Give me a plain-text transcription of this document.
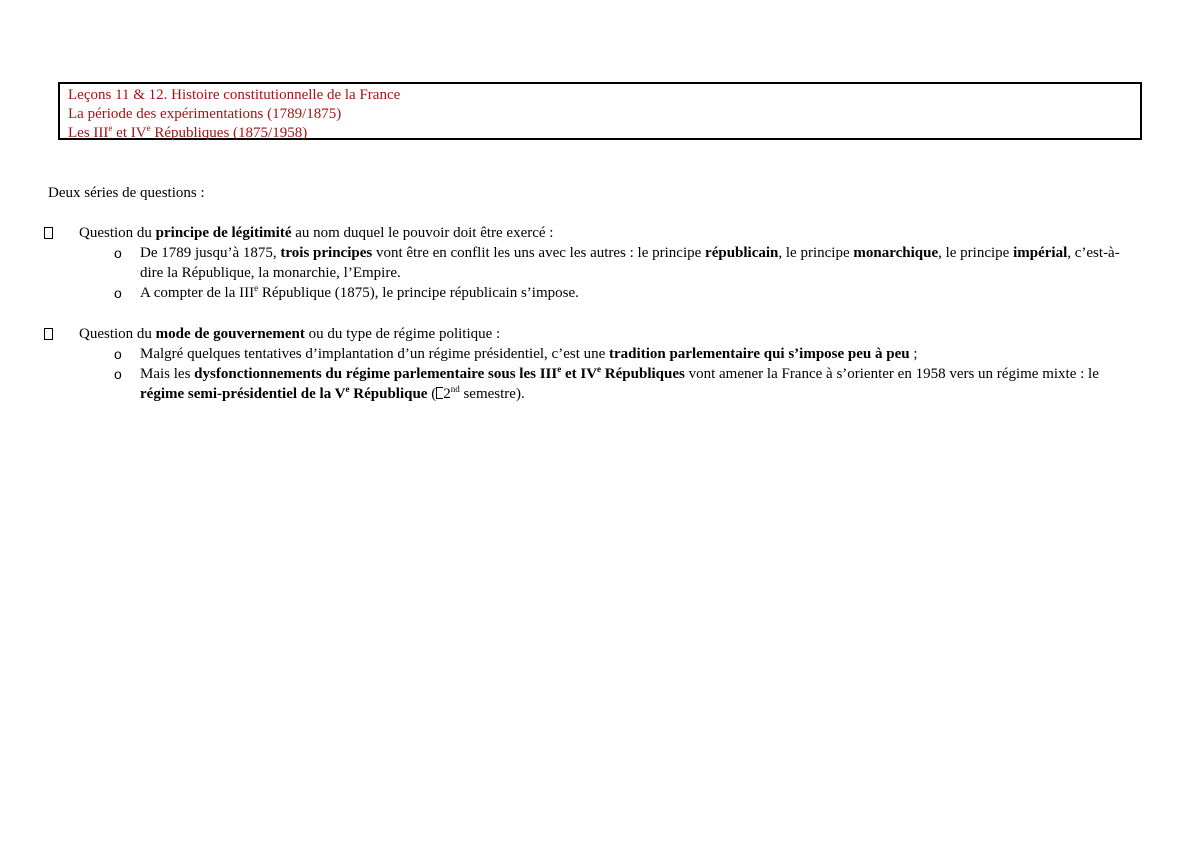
Leçons 11 & 12. Histoire constitutionnelle de la France
La période des expérimentations (1789/1875)
Les IIIe et IVe Républiques (1875/1958)
Deux séries de questions :
Question du principe de légitimité au nom duquel le pouvoir doit être exercé :
o De 1789 jusqu’à 1875, trois principes vont être en conflit les uns avec les autres : le principe républicain, le principe monarchique, le principe impérial, c’est-à-dire la République, la monarchie, l’Empire.
o A compter de la IIIe République (1875), le principe républicain s’impose.
Question du mode de gouvernement ou du type de régime politique :
o Malgré quelques tentatives d’implantation d’un régime présidentiel, c’est une tradition parlementaire qui s’impose peu à peu ;
o Mais les dysfonctionnements du régime parlementaire sous les IIIe et IVe Républiques vont amener la France à s’orienter en 1958 vers un régime mixte : le régime semi-présidentiel de la Ve République ( 2nd semestre).
